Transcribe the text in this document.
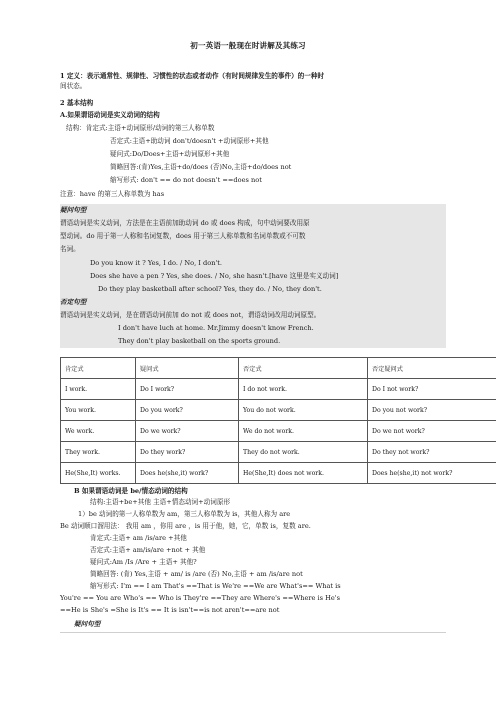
初一英语一般现在时讲解及其练习
1 定义：表示通常性、规律性、习惯性的状态或者动作（有时间规律发生的事件）的一种时
间状态。
2 基本结构
A.如果谓语动词是实义动词的结构
结构：肯定式:主语+动词原形/动词的第三人称单数
否定式:主语+助动词 don't/doesn't +动词原形+其他
疑问式:Do/Does+主语+动词原形+其他
简略回答:(肯)Yes,主语+do/does (否)No,主语+do/does not
缩写形式: don't == do not doesn't ==does not
注意：have 的第三人称单数为 has
疑问句型
谓语动词是实义动词，方法是在主语前加助动词 do 或 does 构成，句中动词要改用原
型动词。do 用于第一人称和名词复数，does 用于第三人称单数和名词单数或不可数
名词。
Do you know it ? Yes, I do. / No, I don't.
Does she have a pen ? Yes, she does. / No, she hasn't.[have 这里是实义动词]
Do they play basketball after school? Yes, they do. / No, they don't.
否定句型
谓语动词是实义动词，是在谓语动词前加 do not 或 does not，谓语动词改用动词原型。
I don't have luch at home. Mr.Jimmy doesn't know French.
They don't play basketball on the sports ground.
肯定式	疑问式	否定式	否定疑问式
I work.	Do I work?	I do not work.	Do I not work?
You work.	Do you work?	You do not work.	Do you not work?
We work.	Do we work?	We do not work.	Do we not work?
They work.	Do they work?	They do not work.	Do they not work?
He(She,It) works.	Does he(she,it) work?	He(She,It) does not work.	Does he(she,it) not work?
B 如果谓语动词是 be/情态动词的结构
结构:主语+be+其他 主语+情态动词+动词原形
1）be 动词的第一人称单数为 am，第三人称单数为 is，其他人称为 are
Be 动词顺口溜用法： 我用 am ，你用 are ，is 用于他，她，它，单数 is，复数 are.
肯定式:主语+ am /is/are +其他
否定式:主语+ am/is/are +not + 其他
疑问式:Am /Is /Are + 主语+ 其他?
简略回答: (肯) Yes,主语 + am/ is /are (否) No,主语 + am /is/are not
缩写形式: I'm == I am That's ==That is We're ==We are What's== What is
You're == You are Who's == Who is They're ==They are Where's ==Where is He's
==He is She's =She is It's == It is isn't==is not aren't==are not
疑问句型
